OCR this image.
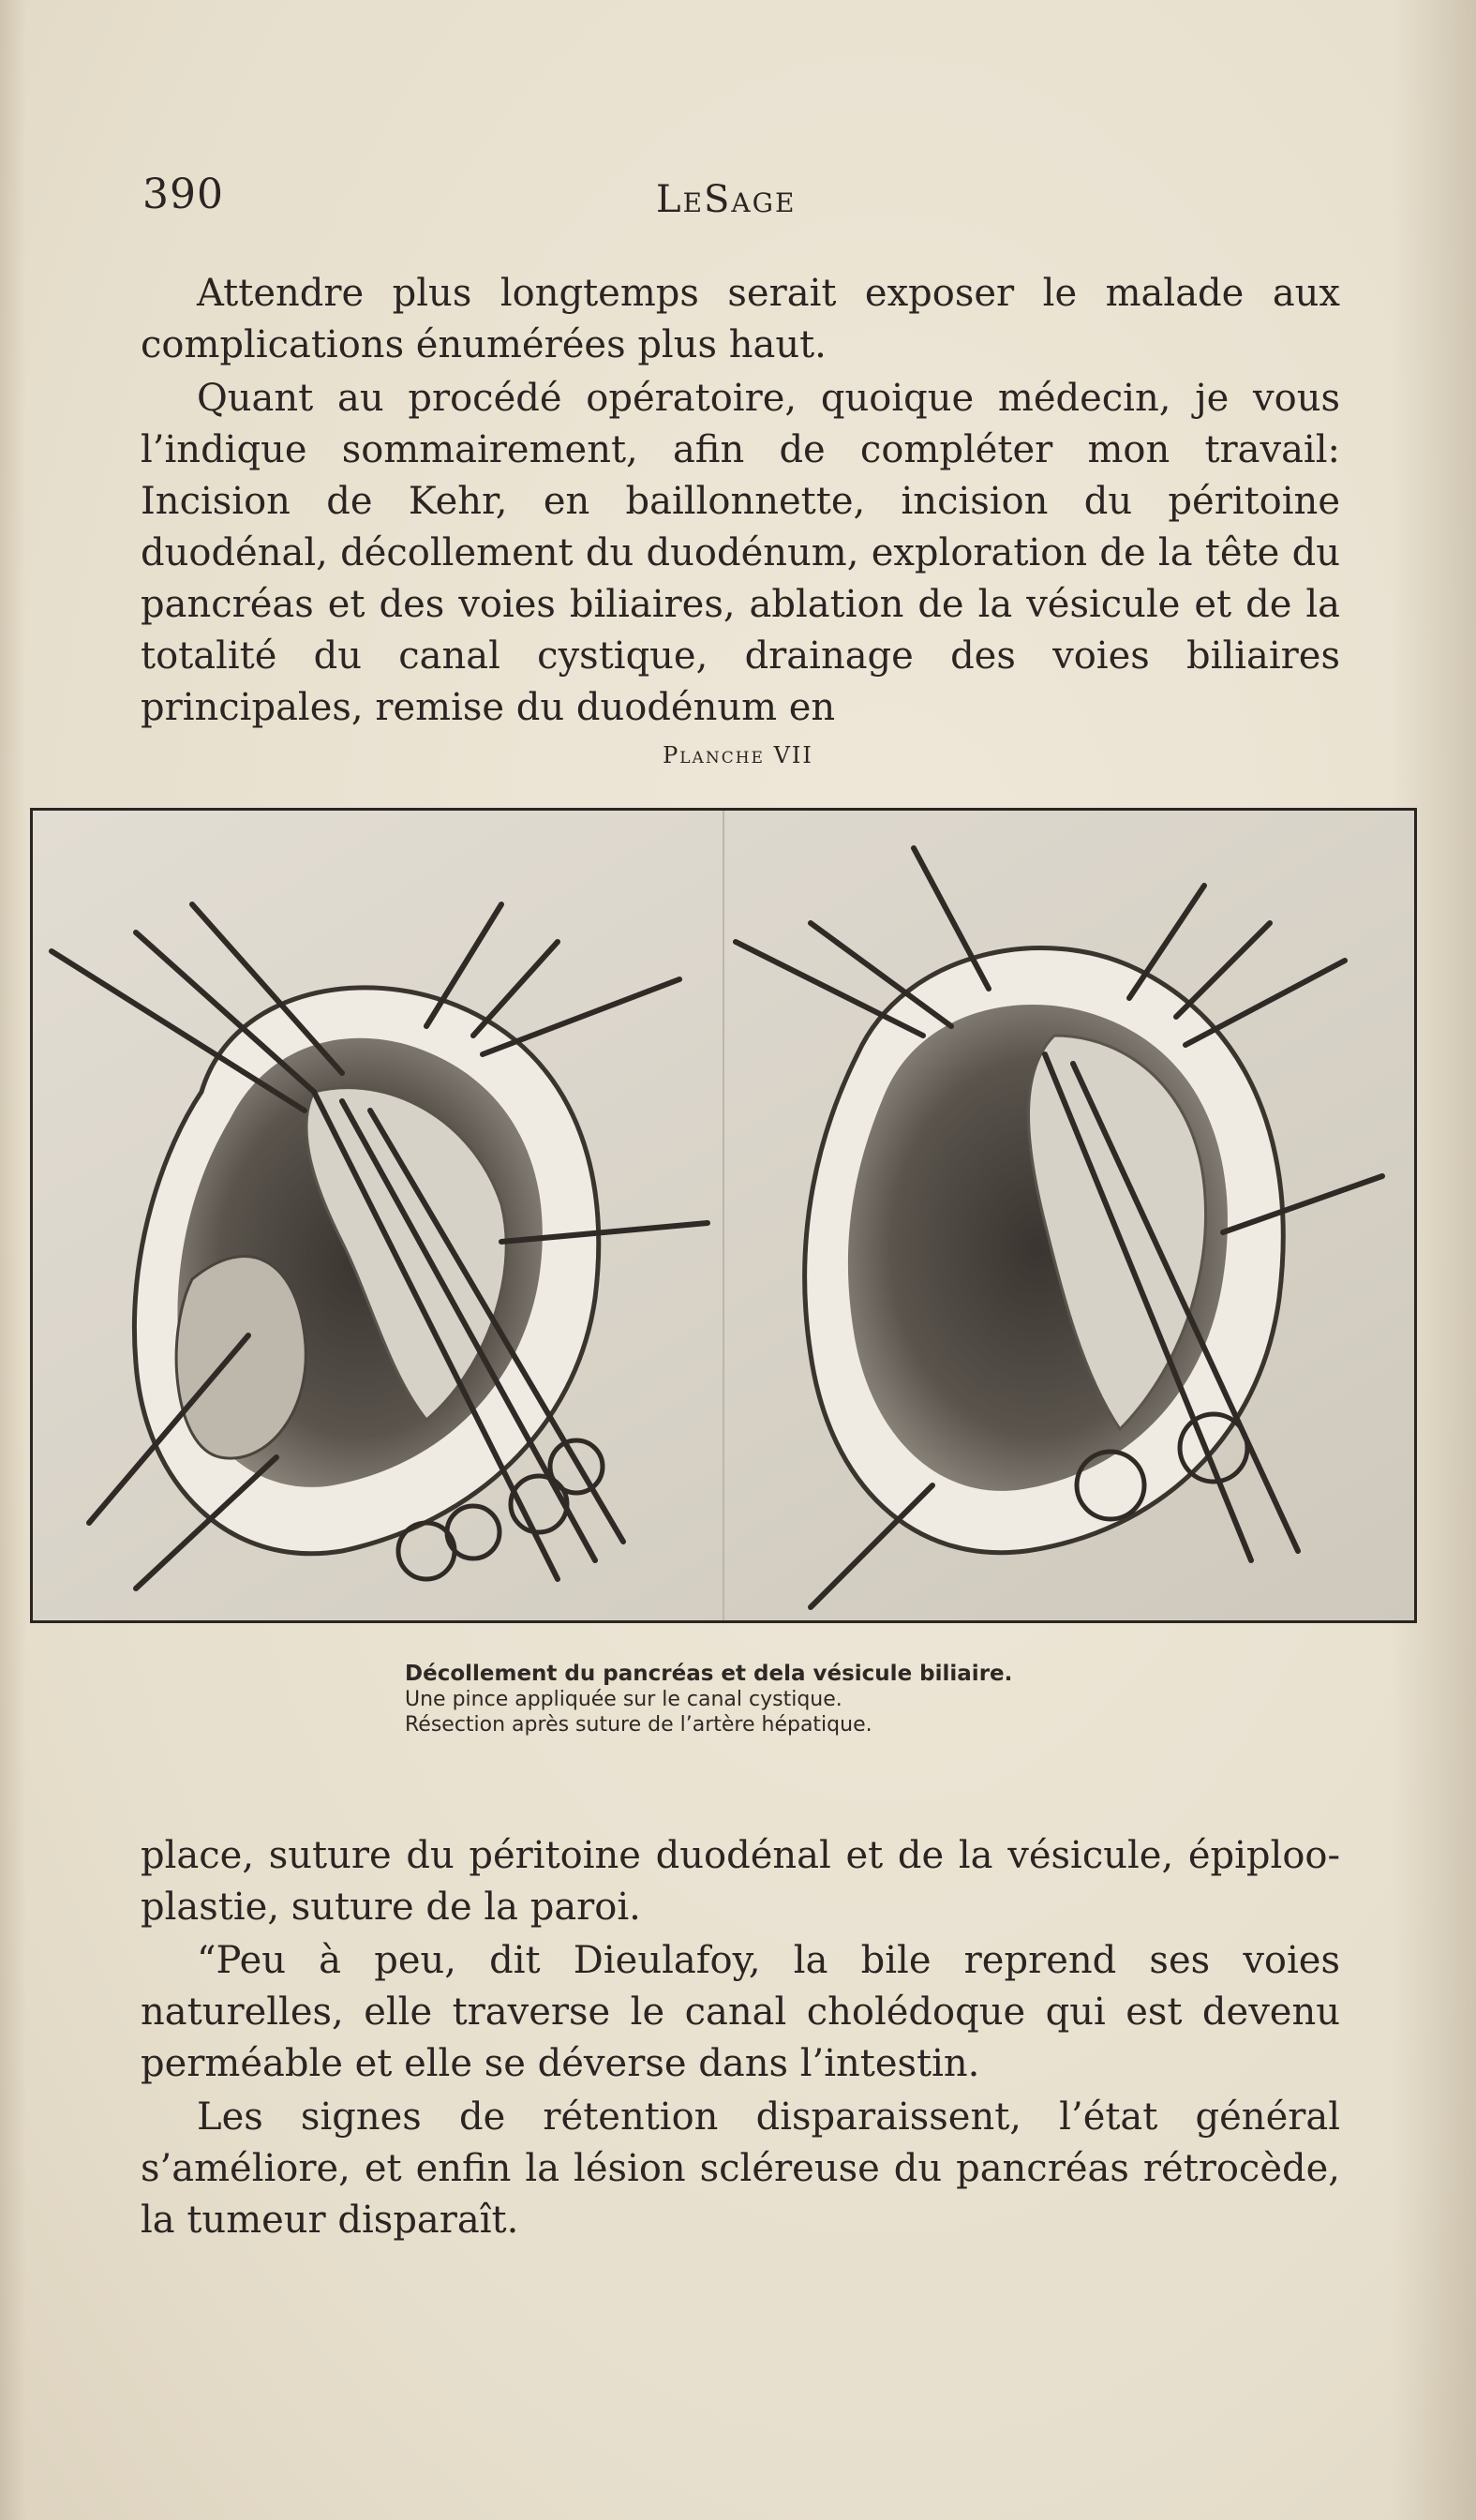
390	LeSage

Attendre plus longtemps serait exposer le malade aux complications énumérées plus haut.

Quant au procédé opératoire, quoique médecin, je vous l’indique sommairement, afin de compléter mon travail: Incision de Kehr, en baillonnette, incision du péritoine duodénal, décollement du duodénum, exploration de la tête du pancréas et des voies biliaires, ablation de la vésicule et de la totalité du canal cystique, drainage des voies biliaires principales, remise du duodénum en

Planche VII
Décollement du pancréas et dela vésicule biliaire.
Une pince appliquée sur le canal cystique.
Résection après suture de l’artère hépatique.

place, suture du péritoine duodénal et de la vésicule, épiploo-plastie, suture de la paroi.

“Peu à peu, dit Dieulafoy, la bile reprend ses voies naturelles, elle traverse le canal cholédoque qui est devenu perméable et elle se déverse dans l’intestin.

Les signes de rétention disparaissent, l’état général s’améliore, et enfin la lésion scléreuse du pancréas rétrocède, la tumeur disparaît.
